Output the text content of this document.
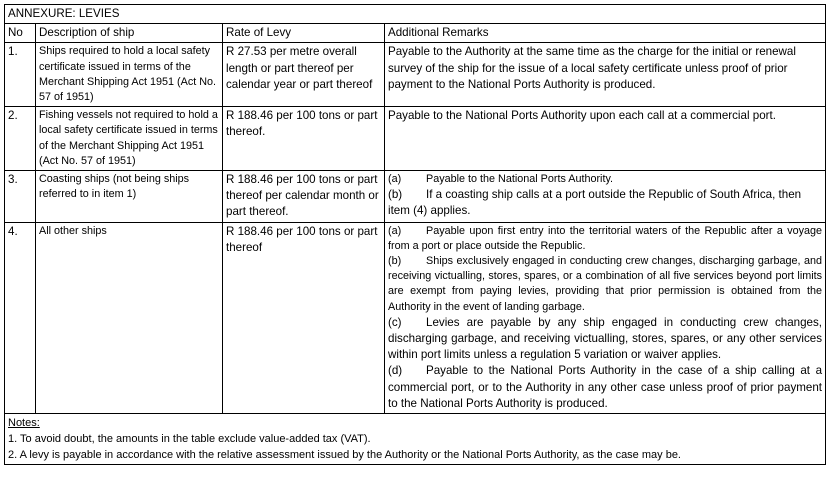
ANNEXURE: LEVIES			
No	Description of ship	Rate of Levy	Additional Remarks
1.	Ships required to hold a local safety certificate issued in terms of the Merchant Shipping Act 1951 (Act No. 57 of 1951)	R 27.53 per metre overall length or part thereof per calendar year or part thereof	Payable to the Authority at the same time as the charge for the initial or renewal survey of the ship for the issue of a local safety certificate unless proof of prior payment to the National Ports Authority is produced.
2.	Fishing vessels not required to hold a local safety certificate issued in terms of the Merchant Shipping Act 1951 (Act No. 57 of 1951)	R 188.46 per 100 tons or part thereof.	Payable to the National Ports Authority upon each call at a commercial port.
3.	Coasting ships (not being ships referred to in item 1)	R 188.46 per 100 tons or part thereof per calendar month or part thereof.	(a) Payable to the National Ports Authority.
(b) If a coasting ship calls at a port outside the Republic of South Africa, then item (4) applies.

4.	All other ships	R 188.46 per 100 tons or part thereof	(a) Payable upon first entry into the territorial waters of the Republic after a voyage from a port or place outside the Republic.
(b) Ships exclusively engaged in conducting crew changes, discharging garbage, and receiving victualling, stores, spares, or a combination of all five services beyond port limits are exempt from paying levies, providing that prior permission is obtained from the Authority in the event of landing garbage.
(c) Levies are payable by any ship engaged in conducting crew changes, discharging garbage, and receiving victualling, stores, spares, or any other services within port limits unless a regulation 5 variation or waiver applies.
(d) Payable to the National Ports Authority in the case of a ship calling at a commercial port, or to the Authority in any other case unless proof of prior payment to the National Ports Authority is produced.

Notes:
1. To avoid doubt, the amounts in the table exclude value-added tax (VAT).
2. A levy is payable in accordance with the relative assessment issued by the Authority or the National Ports Authority, as the case may be.			
